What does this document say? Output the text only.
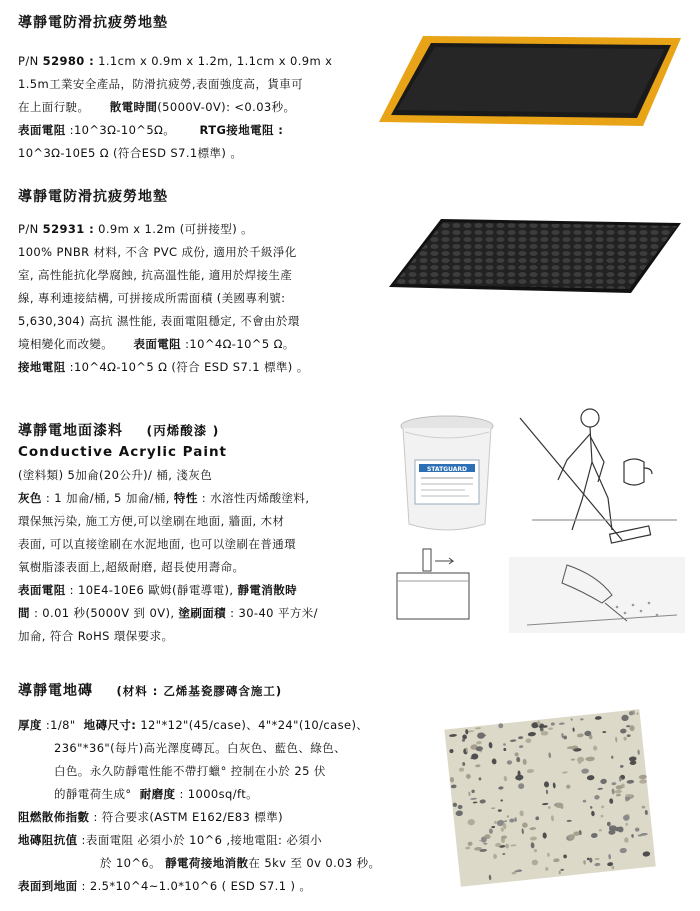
導靜電防滑抗疲勞地墊

P/N 52980 : 1.1cm x 0.9m x 1.2m, 1.1cm x 0.9m x

1.5m工業安全產品，防滑抗疲勞,表面強度高，貨車可

在上面行駛。 散電時間(5000V-0V): <0.03秒。

表面電阻 :10^3Ω-10^5Ω。 RTG接地電阻 :

10^3Ω-10E5 Ω (符合ESD S7.1標準) 。

導靜電防滑抗疲勞地墊

P/N 52931 : 0.9m x 1.2m (可拼接型) 。

100% PNBR 材料, 不含 PVC 成份, 適用於千級淨化

室, 高性能抗化學腐蝕, 抗高溫性能, 適用於焊接生產

線, 專利連接結構, 可拼接成所需面積 (美國專利號:

5,630,304) 高抗 濕性能, 表面電阻穩定, 不會由於環

境相變化而改變。 表面電阻 :10^4Ω-10^5 Ω。

接地電阻 :10^4Ω-10^5 Ω (符合 ESD S7.1 標準) 。

導靜電地面漆料 (丙烯酸漆 )

Conductive Acrylic Paint

(塗料類) 5加侖(20公升)/ 桶, 淺灰色

灰色 : 1 加侖/桶, 5 加侖/桶, 特性 : 水溶性丙烯酸塗料,

環保無污染, 施工方便,可以塗刷在地面, 牆面, 木材

表面, 可以直接塗刷在水泥地面, 也可以塗刷在普通環

氧樹脂漆表面上,超級耐磨, 超長使用壽命。

表面電阻 : 10E4-10E6 歐姆(靜電導電), 靜電消散時

間 : 0.01 秒(5000V 到 0V), 塗刷面積 : 30-40 平方米/

加侖, 符合 RoHS 環保要求。

STATGUARD

導靜電地磚 (材料 : 乙烯基瓷膠磚含施工)

厚度 :1/8" 地磚尺寸: 12"*12"(45/case)、4"*24"(10/case)、

236"*36"(每片)高光澤度磚瓦。白灰色、藍色、綠色、

白色。永久防靜電性能不帶打蠟° 控制在小於 25 伏

的靜電荷生成° 耐磨度 : 1000sq/ft。

阻燃散佈指數 : 符合要求(ASTM E162/E83 標準)

地磚阻抗值 :表面電阻 必須小於 10^6 ,接地電阻: 必須小

於 10^6。 靜電荷接地消散在 5kv 至 0v 0.03 秒。

表面到地面 : 2.5*10^4~1.0*10^6 ( ESD S7.1 ) 。
